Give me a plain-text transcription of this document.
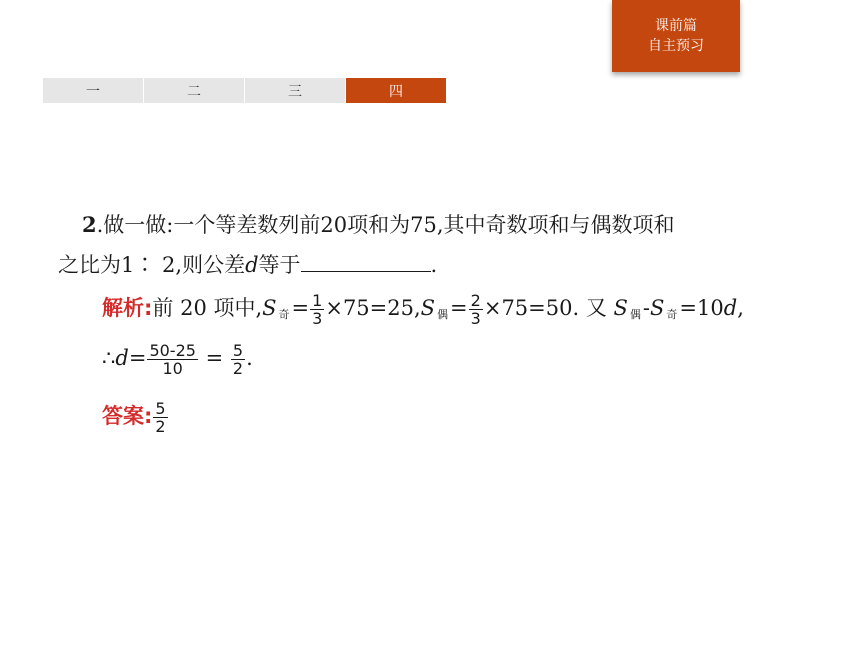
课前篇
自主预习
一	二	三	四
2.做一做:一个等差数列前20项和为75,其中奇数项和与偶数项和
之比为1∶ 2,则公差d等于	.
解析:前 20 项中,S $_奇= \frac{1}{3} \times 75=25,S$ $_偶= \frac{2}{3} \times 75=50$. 又 S $_偶$-S $_奇$=10d,
∴d= $\frac{50-25}{10} = \frac{5}{2}$ .
答案: $\frac{5}{2}$
